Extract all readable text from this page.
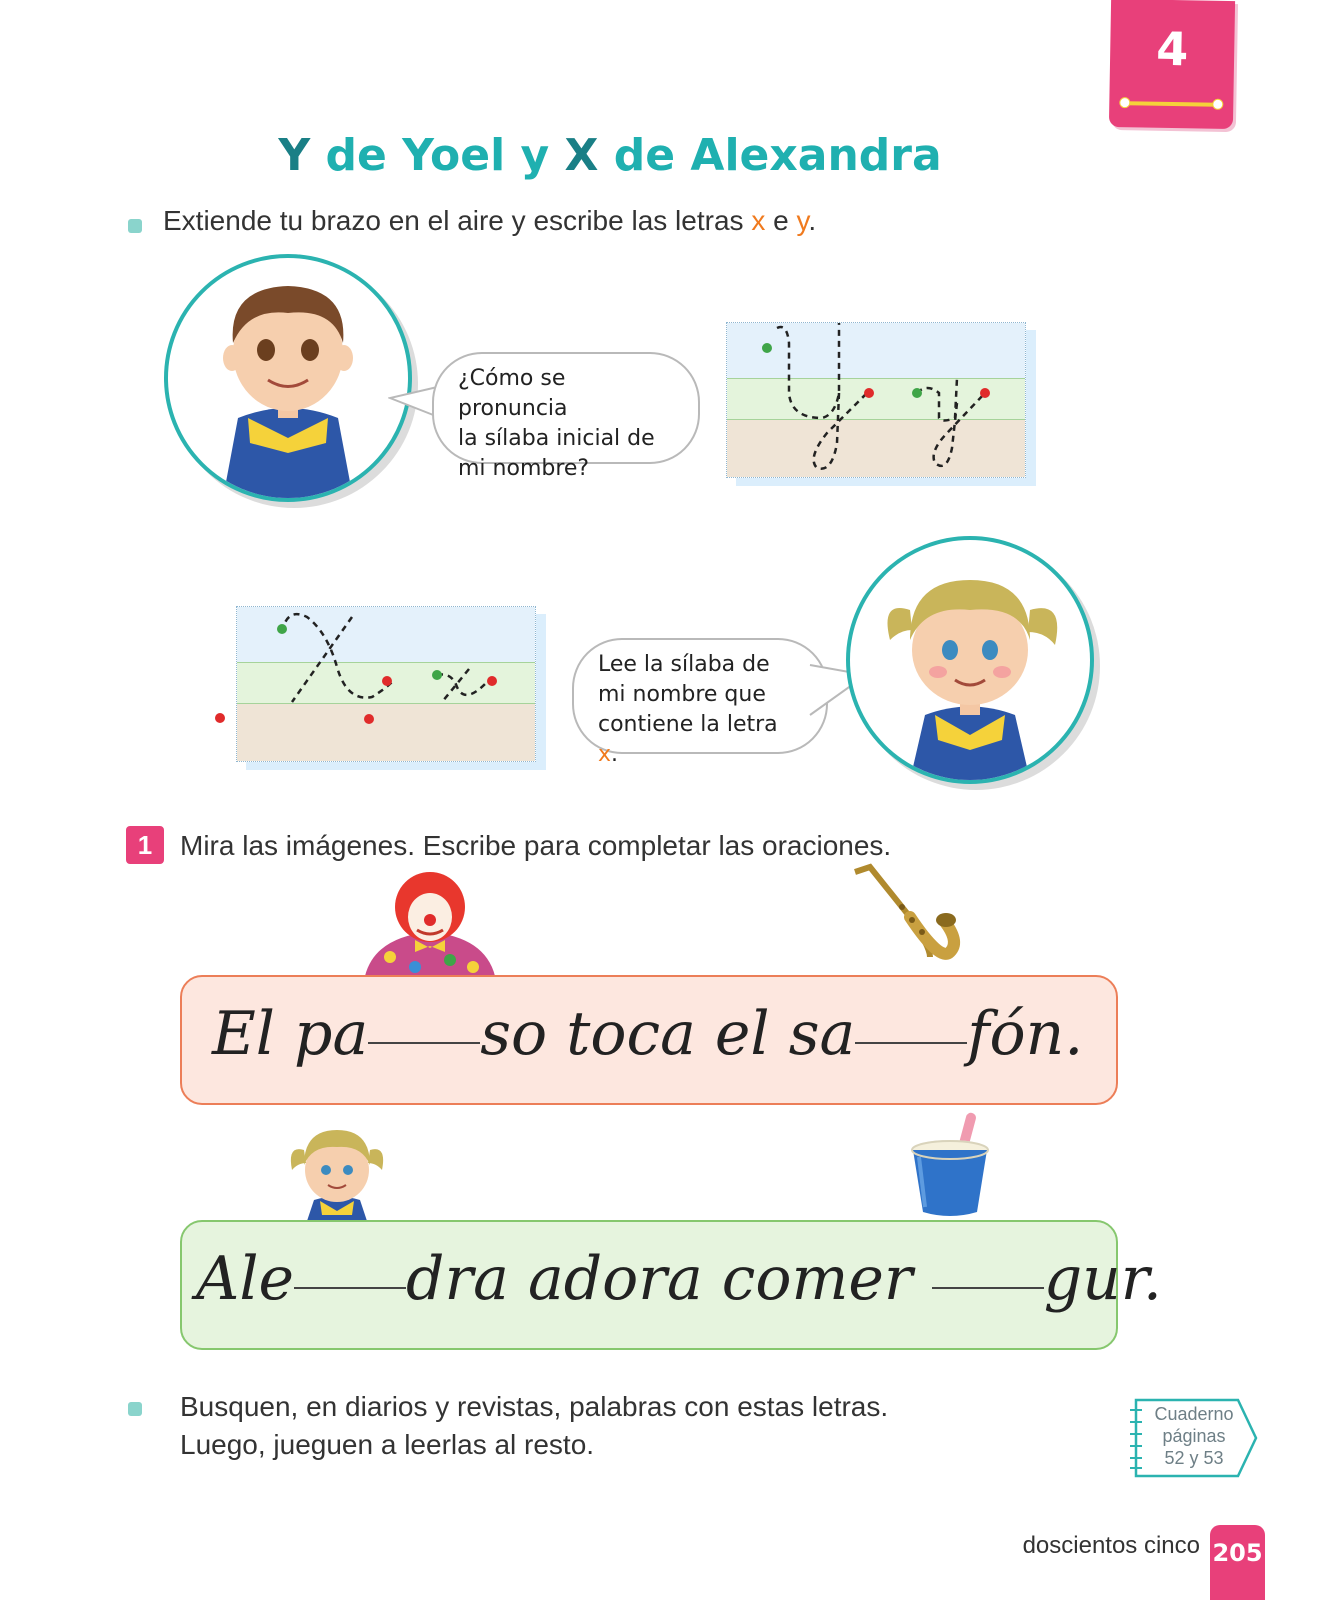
4
Y de Yoel y X de Alexandra
Extiende tu brazo en el aire y escribe las letras x e y.
¿Cómo se pronuncia
la sílaba inicial de
mi nombre?
Lee la sílaba de
mi nombre que
contiene la letra x.
1 Mira las imágenes. Escribe para completar las oraciones.
El pa so toca el sa fón.
Ale dra adora comer gur.
Busquen, en diarios y revistas, palabras con estas letras.
Luego, jueguen a leerlas al resto.
Cuaderno
páginas
52 y 53
doscientos cinco 205
